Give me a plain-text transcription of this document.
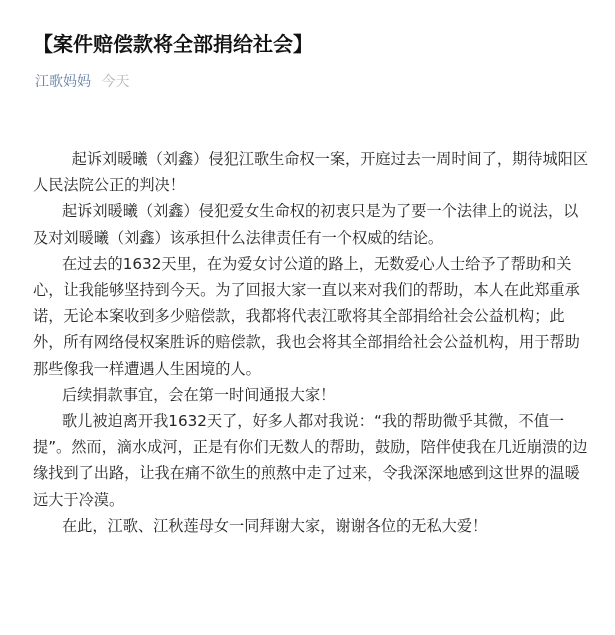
【案件赔偿款将全部捐给社会】
江歌妈妈 今天

起诉刘暖曦（刘鑫）侵犯江歌生命权一案，开庭过去一周时间了，期待城阳区人民法院公正的判决！

起诉刘暖曦（刘鑫）侵犯爱女生命权的初衷只是为了要一个法律上的说法，以及对刘暖曦（刘鑫）该承担什么法律责任有一个权威的结论。

在过去的1632天里，在为爱女讨公道的路上，无数爱心人士给予了帮助和关心，让我能够坚持到今天。为了回报大家一直以来对我们的帮助，本人在此郑重承诺，无论本案收到多少赔偿款，我都将代表江歌将其全部捐给社会公益机构；此外，所有网络侵权案胜诉的赔偿款，我也会将其全部捐给社会公益机构，用于帮助那些像我一样遭遇人生困境的人。

后续捐款事宜，会在第一时间通报大家！

歌儿被迫离开我1632天了，好多人都对我说：“我的帮助微乎其微，不值一提”。然而，滴水成河，正是有你们无数人的帮助，鼓励，陪伴使我在几近崩溃的边缘找到了出路，让我在痛不欲生的煎熬中走了过来，令我深深地感到这世界的温暖远大于冷漠。

在此，江歌、江秋莲母女一同拜谢大家，谢谢各位的无私大爱！
